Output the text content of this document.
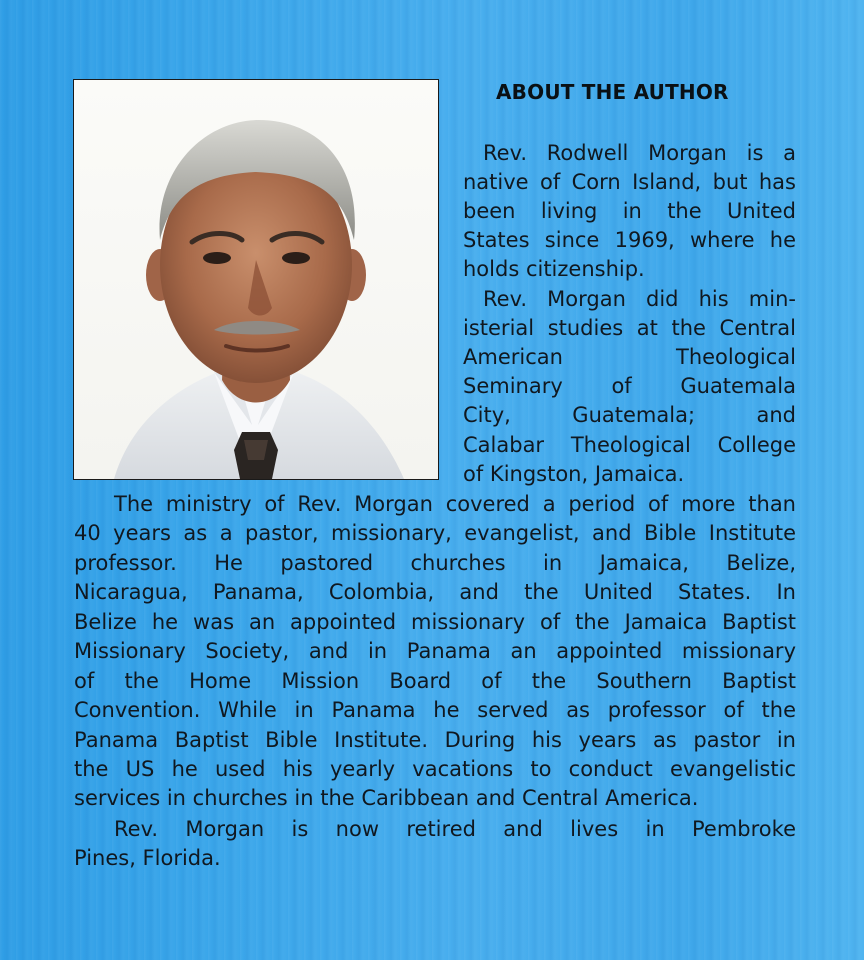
ABOUT THE AUTHOR
Rev. Rodwell Morgan is a
native of Corn Island, but has
been living in the United
States since 1969, where he
holds citizenship.
Rev. Morgan did his min-
isterial studies at the Central
American Theological
Seminary of Guatemala
City, Guatemala; and
Calabar Theological College
of Kingston, Jamaica.
The ministry of Rev. Morgan covered a period of more than
40 years as a pastor, missionary, evangelist, and Bible Institute
professor. He pastored churches in Jamaica, Belize,
Nicaragua, Panama, Colombia, and the United States. In
Belize he was an appointed missionary of the Jamaica Baptist
Missionary Society, and in Panama an appointed missionary
of the Home Mission Board of the Southern Baptist
Convention. While in Panama he served as professor of the
Panama Baptist Bible Institute. During his years as pastor in
the US he used his yearly vacations to conduct evangelistic
services in churches in the Caribbean and Central America.
Rev. Morgan is now retired and lives in Pembroke
Pines, Florida.
